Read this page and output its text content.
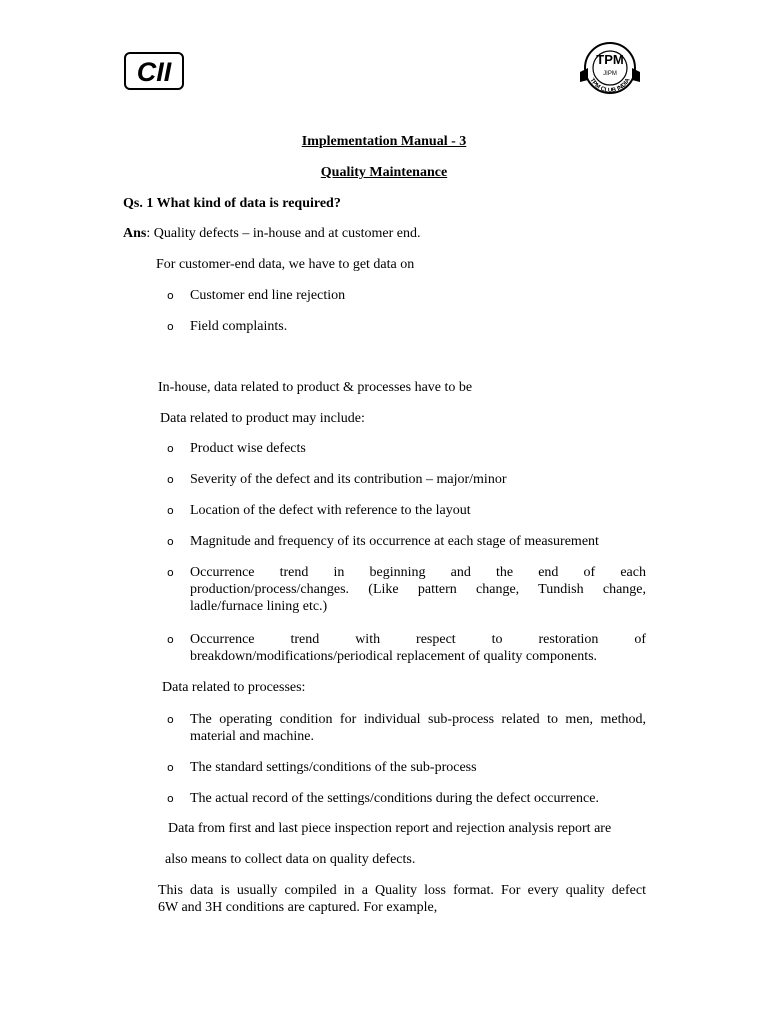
CII	TPM
JIPM
TPM CLUB INDIA
Implementation Manual - 3
Quality Maintenance
Qs. 1 What kind of data is required?
Ans: Quality defects – in-house and at customer end.
For customer-end data, we have to get data on
o Customer end line rejection
o Field complaints.
In-house, data related to product & processes have to be
Data related to product may include:
o Product wise defects
o Severity of the defect and its contribution – major/minor
o Location of the defect with reference to the layout
o Magnitude and frequency of its occurrence at each stage of measurement
o Occurrence trend in beginning and the end of each
production/process/changes. (Like pattern change, Tundish change,
ladle/furnace lining etc.)
o Occurrence trend with respect to restoration of
breakdown/modifications/periodical replacement of quality components.
Data related to processes:
o The operating condition for individual sub-process related to men, method,
material and machine.
o The standard settings/conditions of the sub-process
o The actual record of the settings/conditions during the defect occurrence.
Data from first and last piece inspection report and rejection analysis report are
also means to collect data on quality defects.
This data is usually compiled in a Quality loss format. For every quality defect
6W and 3H conditions are captured. For example,
